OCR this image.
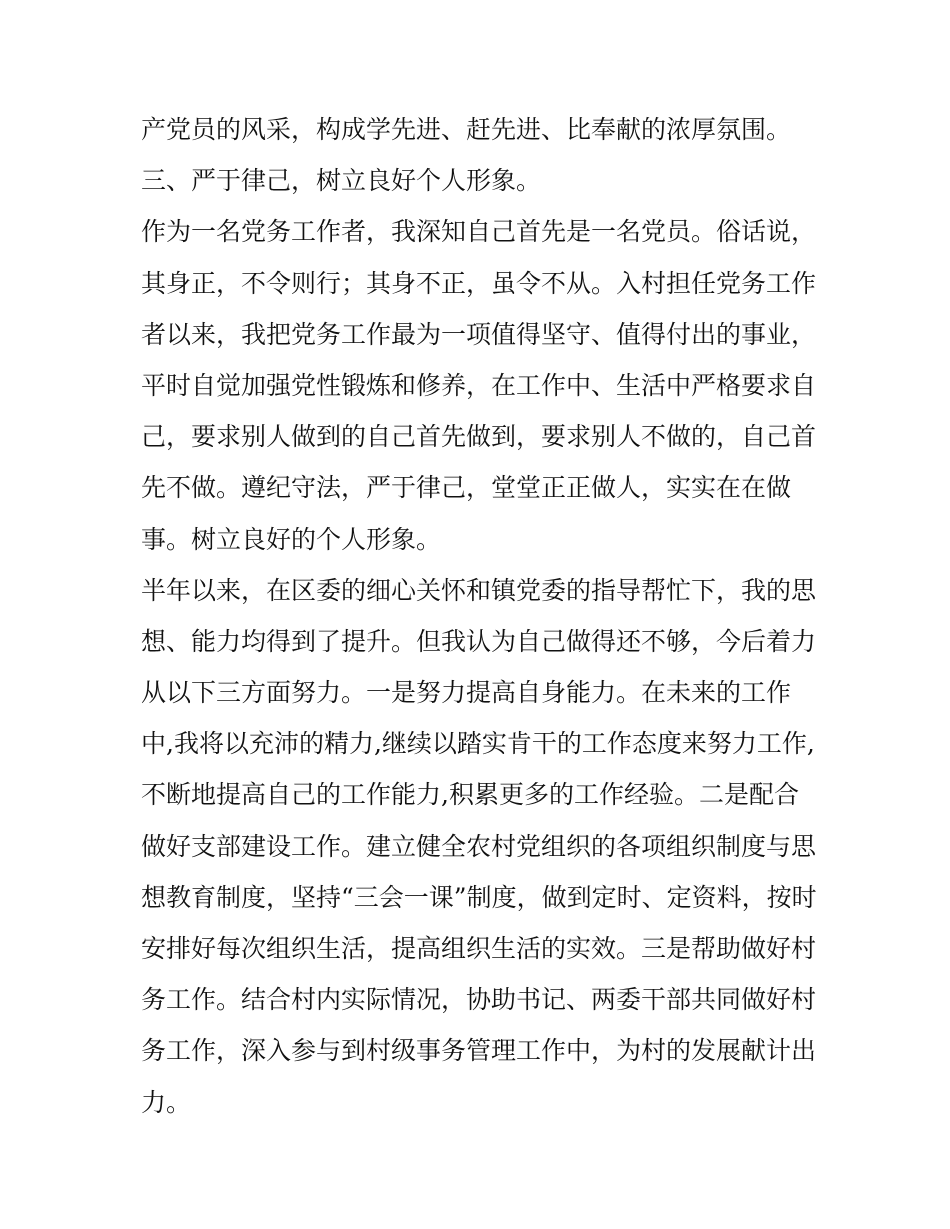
产党员的风采，构成学先进、赶先进、比奉献的浓厚氛围。
三、严于律己，树立良好个人形象。
作为一名党务工作者，我深知自己首先是一名党员。俗话说，
其身正，不令则行；其身不正，虽令不从。入村担任党务工作
者以来，我把党务工作最为一项值得坚守、值得付出的事业，
平时自觉加强党性锻炼和修养，在工作中、生活中严格要求自
己，要求别人做到的自己首先做到，要求别人不做的，自己首
先不做。遵纪守法，严于律己，堂堂正正做人，实实在在做
事。树立良好的个人形象。
半年以来，在区委的细心关怀和镇党委的指导帮忙下，我的思
想、能力均得到了提升。但我认为自己做得还不够，今后着力
从以下三方面努力。一是努力提高自身能力。在未来的工作
中,我将以充沛的精力,继续以踏实肯干的工作态度来努力工作,
不断地提高自己的工作能力,积累更多的工作经验。二是配合
做好支部建设工作。建立健全农村党组织的各项组织制度与思
想教育制度，坚持“三会一课”制度，做到定时、定资料，按时
安排好每次组织生活，提高组织生活的实效。三是帮助做好村
务工作。结合村内实际情况，协助书记、两委干部共同做好村
务工作，深入参与到村级事务管理工作中，为村的发展献计出
力。
